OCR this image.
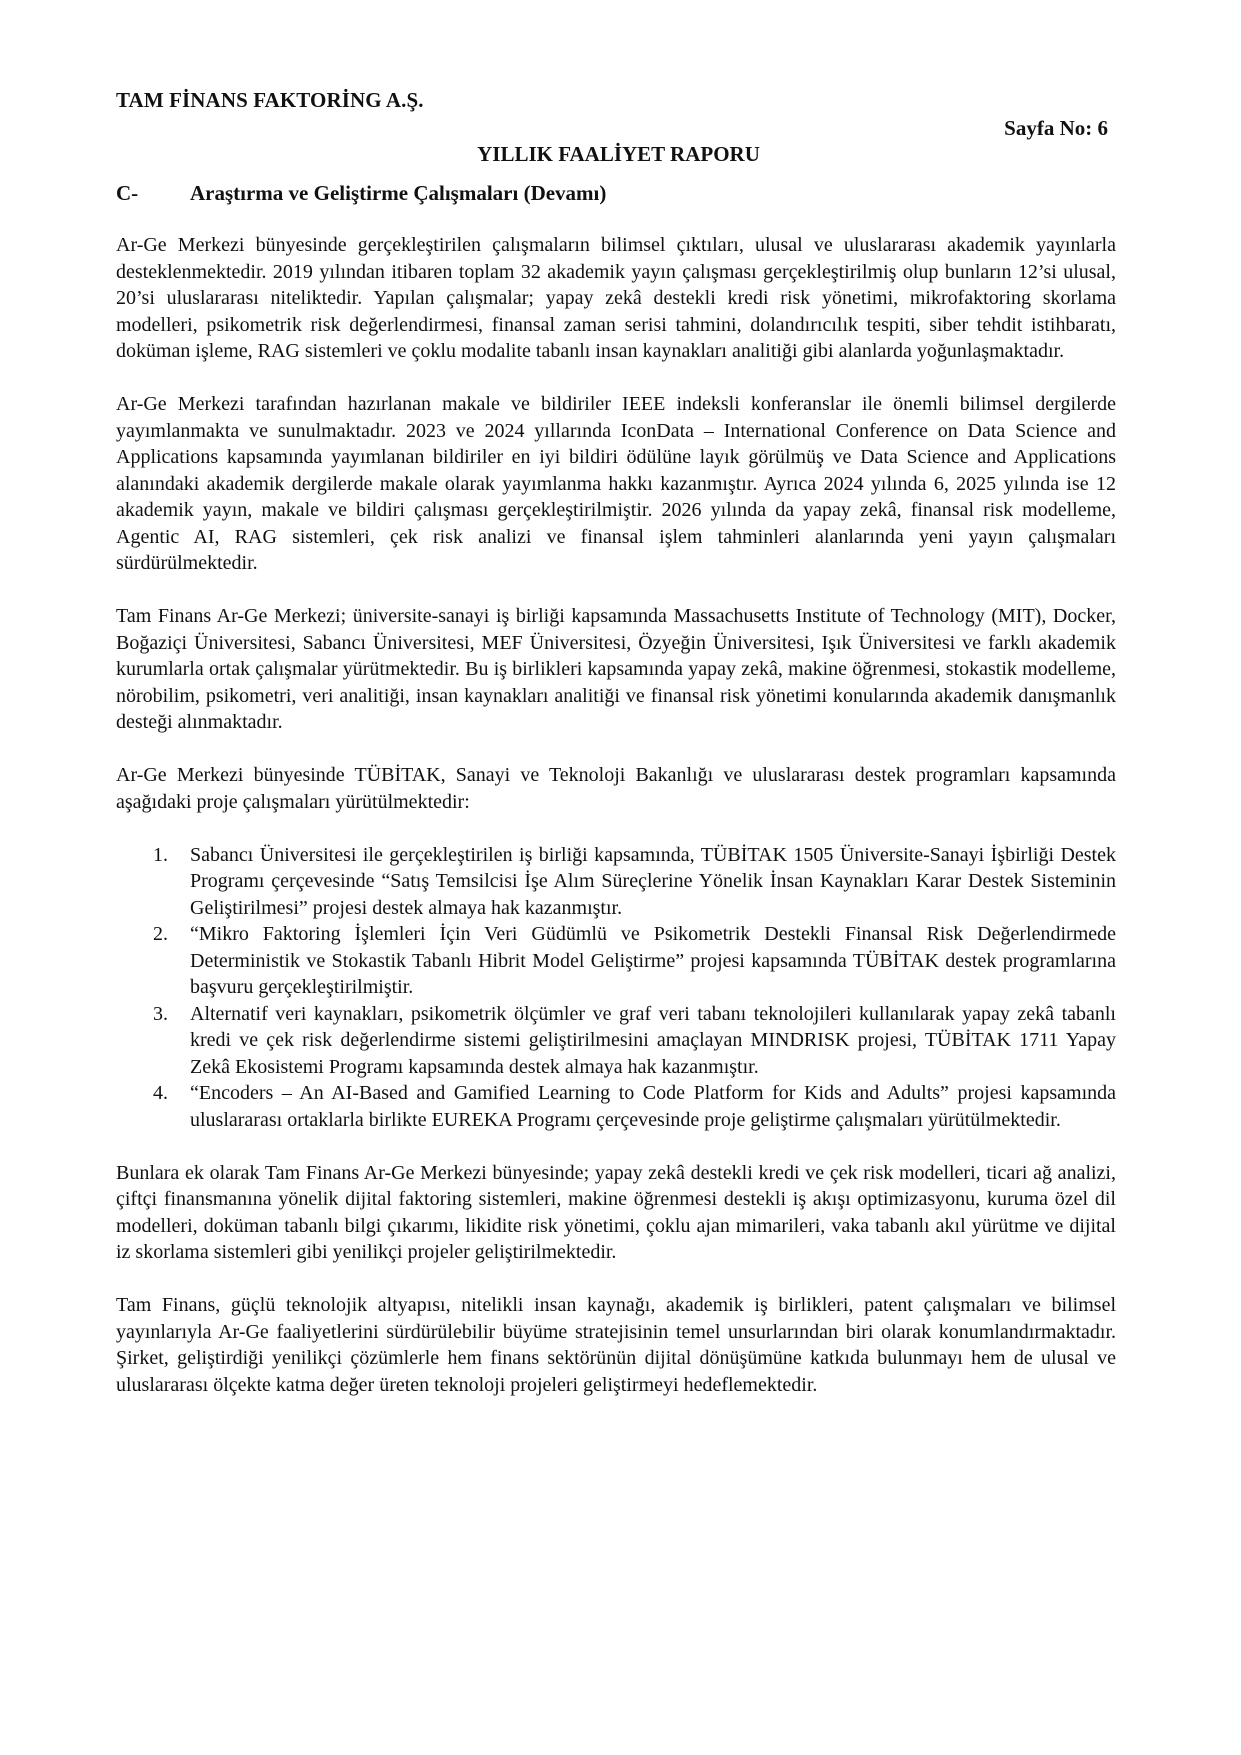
TAM FİNANS FAKTORİNG A.Ş.
Sayfa No: 6
YILLIK FAALİYET RAPORU
C- Araştırma ve Geliştirme Çalışmaları (Devamı)

Ar-Ge Merkezi bünyesinde gerçekleştirilen çalışmaların bilimsel çıktıları, ulusal ve uluslararası akademik yayınlarla desteklenmektedir. 2019 yılından itibaren toplam 32 akademik yayın çalışması gerçekleştirilmiş olup bunların 12’si ulusal, 20’si uluslararası niteliktedir. Yapılan çalışmalar; yapay zekâ destekli kredi risk yönetimi, mikrofaktoring skorlama modelleri, psikometrik risk değerlendirmesi, finansal zaman serisi tahmini, dolandırıcılık tespiti, siber tehdit istihbaratı, doküman işleme, RAG sistemleri ve çoklu modalite tabanlı insan kaynakları analitiği gibi alanlarda yoğunlaşmaktadır.

Ar-Ge Merkezi tarafından hazırlanan makale ve bildiriler IEEE indeksli konferanslar ile önemli bilimsel dergilerde yayımlanmakta ve sunulmaktadır. 2023 ve 2024 yıllarında IconData – International Conference on Data Science and Applications kapsamında yayımlanan bildiriler en iyi bildiri ödülüne layık görülmüş ve Data Science and Applications alanındaki akademik dergilerde makale olarak yayımlanma hakkı kazanmıştır. Ayrıca 2024 yılında 6, 2025 yılında ise 12 akademik yayın, makale ve bildiri çalışması gerçekleştirilmiştir. 2026 yılında da yapay zekâ, finansal risk modelleme, Agentic AI, RAG sistemleri, çek risk analizi ve finansal işlem tahminleri alanlarında yeni yayın çalışmaları sürdürülmektedir.

Tam Finans Ar-Ge Merkezi; üniversite-sanayi iş birliği kapsamında Massachusetts Institute of Technology (MIT), Docker, Boğaziçi Üniversitesi, Sabancı Üniversitesi, MEF Üniversitesi, Özyeğin Üniversitesi, Işık Üniversitesi ve farklı akademik kurumlarla ortak çalışmalar yürütmektedir. Bu iş birlikleri kapsamında yapay zekâ, makine öğrenmesi, stokastik modelleme, nörobilim, psikometri, veri analitiği, insan kaynakları analitiği ve finansal risk yönetimi konularında akademik danışmanlık desteği alınmaktadır.

Ar-Ge Merkezi bünyesinde TÜBİTAK, Sanayi ve Teknoloji Bakanlığı ve uluslararası destek programları kapsamında aşağıdaki proje çalışmaları yürütülmektedir:

1. Sabancı Üniversitesi ile gerçekleştirilen iş birliği kapsamında, TÜBİTAK 1505 Üniversite-Sanayi İşbirliği Destek Programı çerçevesinde “Satış Temsilcisi İşe Alım Süreçlerine Yönelik İnsan Kaynakları Karar Destek Sisteminin Geliştirilmesi” projesi destek almaya hak kazanmıştır.
2. “Mikro Faktoring İşlemleri İçin Veri Güdümlü ve Psikometrik Destekli Finansal Risk Değerlendirmede Deterministik ve Stokastik Tabanlı Hibrit Model Geliştirme” projesi kapsamında TÜBİTAK destek programlarına başvuru gerçekleştirilmiştir.
3. Alternatif veri kaynakları, psikometrik ölçümler ve graf veri tabanı teknolojileri kullanılarak yapay zekâ tabanlı kredi ve çek risk değerlendirme sistemi geliştirilmesini amaçlayan MINDRISK projesi, TÜBİTAK 1711 Yapay Zekâ Ekosistemi Programı kapsamında destek almaya hak kazanmıştır.
4. “Encoders – An AI-Based and Gamified Learning to Code Platform for Kids and Adults” projesi kapsamında uluslararası ortaklarla birlikte EUREKA Programı çerçevesinde proje geliştirme çalışmaları yürütülmektedir.

Bunlara ek olarak Tam Finans Ar-Ge Merkezi bünyesinde; yapay zekâ destekli kredi ve çek risk modelleri, ticari ağ analizi, çiftçi finansmanına yönelik dijital faktoring sistemleri, makine öğrenmesi destekli iş akışı optimizasyonu, kuruma özel dil modelleri, doküman tabanlı bilgi çıkarımı, likidite risk yönetimi, çoklu ajan mimarileri, vaka tabanlı akıl yürütme ve dijital iz skorlama sistemleri gibi yenilikçi projeler geliştirilmektedir.

Tam Finans, güçlü teknolojik altyapısı, nitelikli insan kaynağı, akademik iş birlikleri, patent çalışmaları ve bilimsel yayınlarıyla Ar-Ge faaliyetlerini sürdürülebilir büyüme stratejisinin temel unsurlarından biri olarak konumlandırmaktadır. Şirket, geliştirdiği yenilikçi çözümlerle hem finans sektörünün dijital dönüşümüne katkıda bulunmayı hem de ulusal ve uluslararası ölçekte katma değer üreten teknoloji projeleri geliştirmeyi hedeflemektedir.
